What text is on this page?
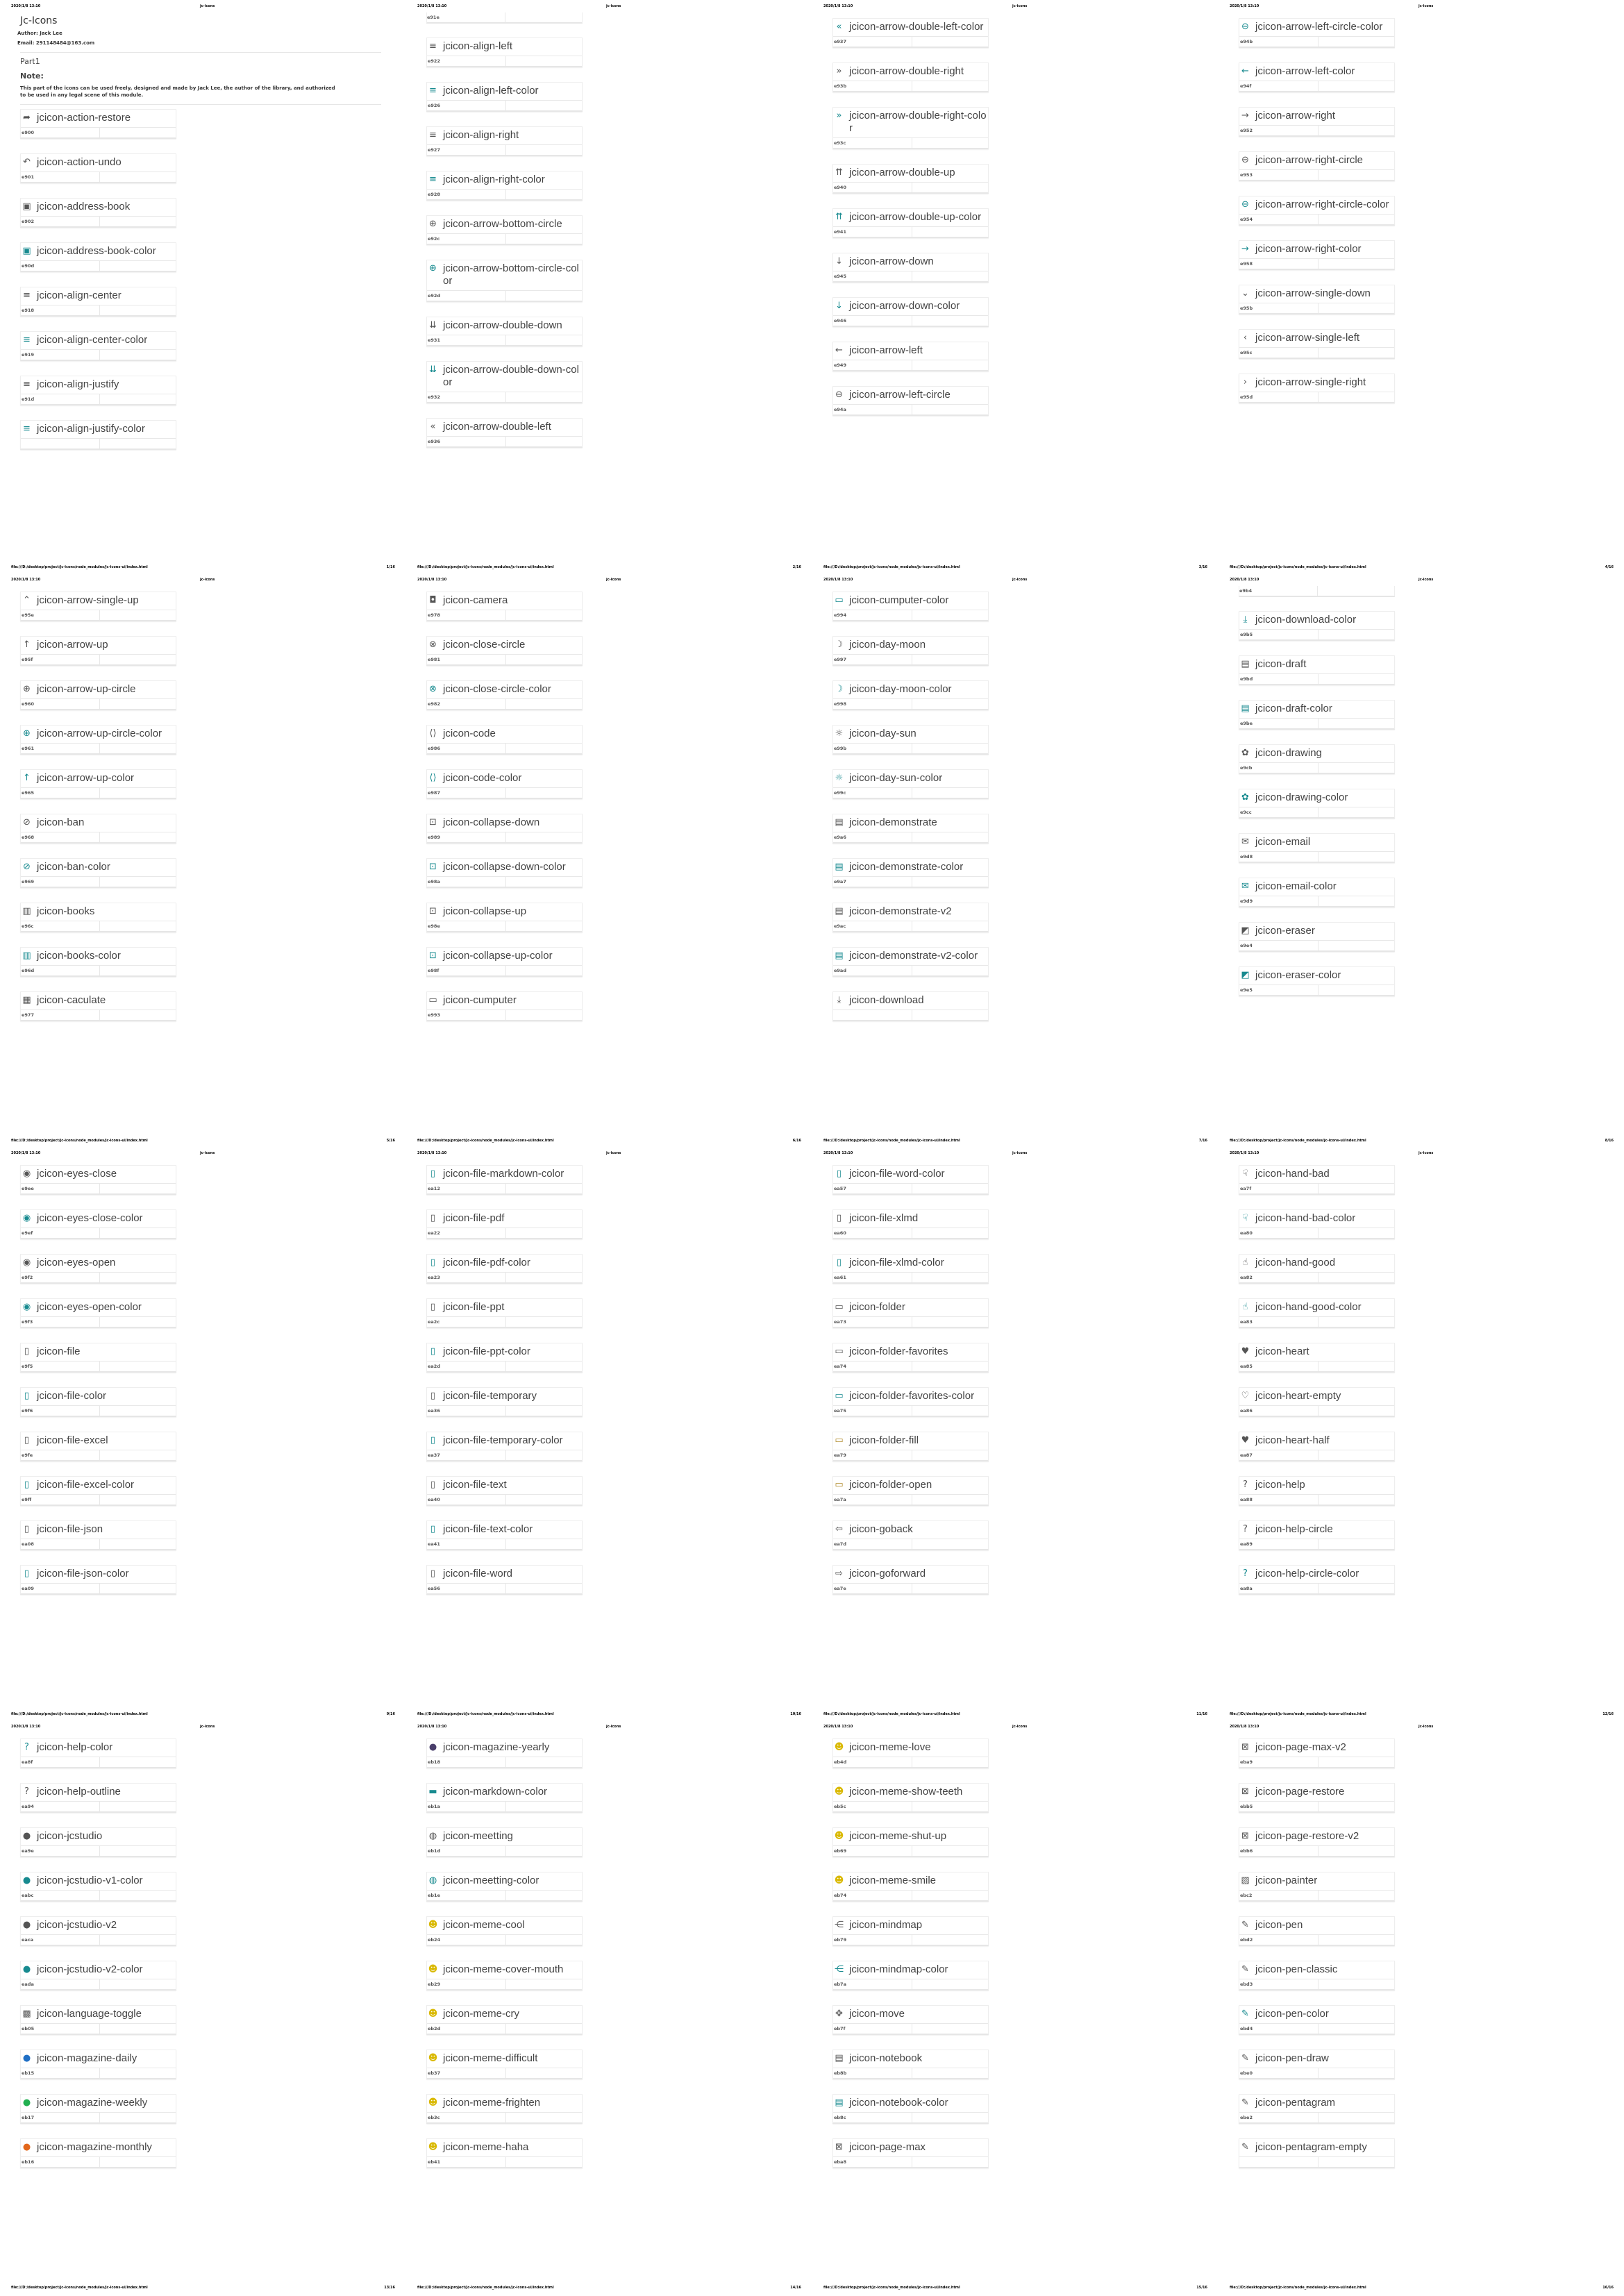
2020/1/8 13:10	jc-icons
file:///D:/desktop/project/jc-icons/node_modules/jc-icons-ui/index.html	1/16
Jc-Icons
Author: Jack Lee
Email: 291148484@163.com
Part1
Note:
This part of the icons can be used freely, designed and made by Jack Lee, the author of the library, and authorized to be used in any legal scene of this module.
➦ jcicon-action-restore
e900
↶ jcicon-action-undo
e901
▣ jcicon-address-book
e902
▣ jcicon-address-book-color
e90d
≡ jcicon-align-center
e918
≡ jcicon-align-center-color
e919
≡ jcicon-align-justify
e91d
≡ jcicon-align-justify-color
2020/1/8 13:10	jc-icons
file:///D:/desktop/project/jc-icons/node_modules/jc-icons-ui/index.html	2/16
e91e
≡ jcicon-align-left
e922
≡ jcicon-align-left-color
e926
≡ jcicon-align-right
e927
≡ jcicon-align-right-color
e928
⊕ jcicon-arrow-bottom-circle
e92c
⊕ jcicon-arrow-bottom-circle-color
e92d
⇊ jcicon-arrow-double-down
e931
⇊ jcicon-arrow-double-down-color
e932
« jcicon-arrow-double-left
e936
2020/1/8 13:10	jc-icons
file:///D:/desktop/project/jc-icons/node_modules/jc-icons-ui/index.html	3/16
« jcicon-arrow-double-left-color
e937
» jcicon-arrow-double-right
e93b
» jcicon-arrow-double-right-color
e93c
⇈ jcicon-arrow-double-up
e940
⇈ jcicon-arrow-double-up-color
e941
↓ jcicon-arrow-down
e945
↓ jcicon-arrow-down-color
e946
← jcicon-arrow-left
e949
⊖ jcicon-arrow-left-circle
e94a
2020/1/8 13:10	jc-icons
file:///D:/desktop/project/jc-icons/node_modules/jc-icons-ui/index.html	4/16
⊖ jcicon-arrow-left-circle-color
e94b
← jcicon-arrow-left-color
e94f
→ jcicon-arrow-right
e952
⊖ jcicon-arrow-right-circle
e953
⊖ jcicon-arrow-right-circle-color
e954
→ jcicon-arrow-right-color
e958
⌄ jcicon-arrow-single-down
e95b
‹ jcicon-arrow-single-left
e95c
› jcicon-arrow-single-right
e95d
2020/1/8 13:10	jc-icons
file:///D:/desktop/project/jc-icons/node_modules/jc-icons-ui/index.html	5/16
⌃ jcicon-arrow-single-up
e95e
↑ jcicon-arrow-up
e95f
⊕ jcicon-arrow-up-circle
e960
⊕ jcicon-arrow-up-circle-color
e961
↑ jcicon-arrow-up-color
e965
⊘ jcicon-ban
e968
⊘ jcicon-ban-color
e969
▥ jcicon-books
e96c
▥ jcicon-books-color
e96d
▦ jcicon-caculate
e977
2020/1/8 13:10	jc-icons
file:///D:/desktop/project/jc-icons/node_modules/jc-icons-ui/index.html	6/16
◘ jcicon-camera
e978
⊗ jcicon-close-circle
e981
⊗ jcicon-close-circle-color
e982
⟨⟩ jcicon-code
e986
⟨⟩ jcicon-code-color
e987
⊡ jcicon-collapse-down
e989
⊡ jcicon-collapse-down-color
e98a
⊡ jcicon-collapse-up
e98e
⊡ jcicon-collapse-up-color
e98f
▭ jcicon-cumputer
e993
2020/1/8 13:10	jc-icons
file:///D:/desktop/project/jc-icons/node_modules/jc-icons-ui/index.html	7/16
▭ jcicon-cumputer-color
e994
☽ jcicon-day-moon
e997
☽ jcicon-day-moon-color
e998
☼ jcicon-day-sun
e99b
☼ jcicon-day-sun-color
e99c
▤ jcicon-demonstrate
e9a6
▤ jcicon-demonstrate-color
e9a7
▤ jcicon-demonstrate-v2
e9ac
▤ jcicon-demonstrate-v2-color
e9ad
⤓ jcicon-download
2020/1/8 13:10	jc-icons
file:///D:/desktop/project/jc-icons/node_modules/jc-icons-ui/index.html	8/16
e9b4
⤓ jcicon-download-color
e9b5
▤ jcicon-draft
e9bd
▤ jcicon-draft-color
e9be
✿ jcicon-drawing
e9cb
✿ jcicon-drawing-color
e9cc
✉ jcicon-email
e9d8
✉ jcicon-email-color
e9d9
◩ jcicon-eraser
e9e4
◩ jcicon-eraser-color
e9e5
2020/1/8 13:10	jc-icons
file:///D:/desktop/project/jc-icons/node_modules/jc-icons-ui/index.html	9/16
◉ jcicon-eyes-close
e9ee
◉ jcicon-eyes-close-color
e9ef
◉ jcicon-eyes-open
e9f2
◉ jcicon-eyes-open-color
e9f3
▯ jcicon-file
e9f5
▯ jcicon-file-color
e9f6
▯ jcicon-file-excel
e9fe
▯ jcicon-file-excel-color
e9ff
▯ jcicon-file-json
ea08
▯ jcicon-file-json-color
ea09
2020/1/8 13:10	jc-icons
file:///D:/desktop/project/jc-icons/node_modules/jc-icons-ui/index.html	10/16
▯ jcicon-file-markdown-color
ea12
▯ jcicon-file-pdf
ea22
▯ jcicon-file-pdf-color
ea23
▯ jcicon-file-ppt
ea2c
▯ jcicon-file-ppt-color
ea2d
▯ jcicon-file-temporary
ea36
▯ jcicon-file-temporary-color
ea37
▯ jcicon-file-text
ea40
▯ jcicon-file-text-color
ea41
▯ jcicon-file-word
ea56
2020/1/8 13:10	jc-icons
file:///D:/desktop/project/jc-icons/node_modules/jc-icons-ui/index.html	11/16
▯ jcicon-file-word-color
ea57
▯ jcicon-file-xlmd
ea60
▯ jcicon-file-xlmd-color
ea61
▭ jcicon-folder
ea73
▭ jcicon-folder-favorites
ea74
▭ jcicon-folder-favorites-color
ea75
▭ jcicon-folder-fill
ea79
▭ jcicon-folder-open
ea7a
⇦ jcicon-goback
ea7d
⇨ jcicon-goforward
ea7e
2020/1/8 13:10	jc-icons
file:///D:/desktop/project/jc-icons/node_modules/jc-icons-ui/index.html	12/16
☟ jcicon-hand-bad
ea7f
☟ jcicon-hand-bad-color
ea80
☝ jcicon-hand-good
ea82
☝ jcicon-hand-good-color
ea83
♥ jcicon-heart
ea85
♡ jcicon-heart-empty
ea86
♥ jcicon-heart-half
ea87
? jcicon-help
ea88
? jcicon-help-circle
ea89
? jcicon-help-circle-color
ea8a
2020/1/8 13:10	jc-icons
file:///D:/desktop/project/jc-icons/node_modules/jc-icons-ui/index.html	13/16
? jcicon-help-color
ea8f
? jcicon-help-outline
ea94
● jcicon-jcstudio
ea9e
● jcicon-jcstudio-v1-color
eabc
● jcicon-jcstudio-v2
eaca
● jcicon-jcstudio-v2-color
eada
▩ jcicon-language-toggle
eb05
● jcicon-magazine-daily
eb15
● jcicon-magazine-weekly
eb17
● jcicon-magazine-monthly
eb16
2020/1/8 13:10	jc-icons
file:///D:/desktop/project/jc-icons/node_modules/jc-icons-ui/index.html	14/16
● jcicon-magazine-yearly
eb18
▬ jcicon-markdown-color
eb1a
◍ jcicon-meetting
eb1d
◍ jcicon-meetting-color
eb1e
☻ jcicon-meme-cool
eb24
☻ jcicon-meme-cover-mouth
eb29
☻ jcicon-meme-cry
eb2d
☻ jcicon-meme-difficult
eb37
☻ jcicon-meme-frighten
eb3c
☻ jcicon-meme-haha
eb41
2020/1/8 13:10	jc-icons
file:///D:/desktop/project/jc-icons/node_modules/jc-icons-ui/index.html	15/16
☻ jcicon-meme-love
eb4d
☻ jcicon-meme-show-teeth
eb5c
☻ jcicon-meme-shut-up
eb69
☻ jcicon-meme-smile
eb74
⋲ jcicon-mindmap
eb79
⋲ jcicon-mindmap-color
eb7a
✥ jcicon-move
eb7f
▤ jcicon-notebook
eb8b
▤ jcicon-notebook-color
eb8c
⊠ jcicon-page-max
eba8
2020/1/8 13:10	jc-icons
file:///D:/desktop/project/jc-icons/node_modules/jc-icons-ui/index.html	16/16
⊠ jcicon-page-max-v2
eba9
⊠ jcicon-page-restore
ebb5
⊠ jcicon-page-restore-v2
ebb6
▨ jcicon-painter
ebc2
✎ jcicon-pen
ebd2
✎ jcicon-pen-classic
ebd3
✎ jcicon-pen-color
ebd4
✎ jcicon-pen-draw
ebe0
✎ jcicon-pentagram
ebe2
✎ jcicon-pentagram-empty
